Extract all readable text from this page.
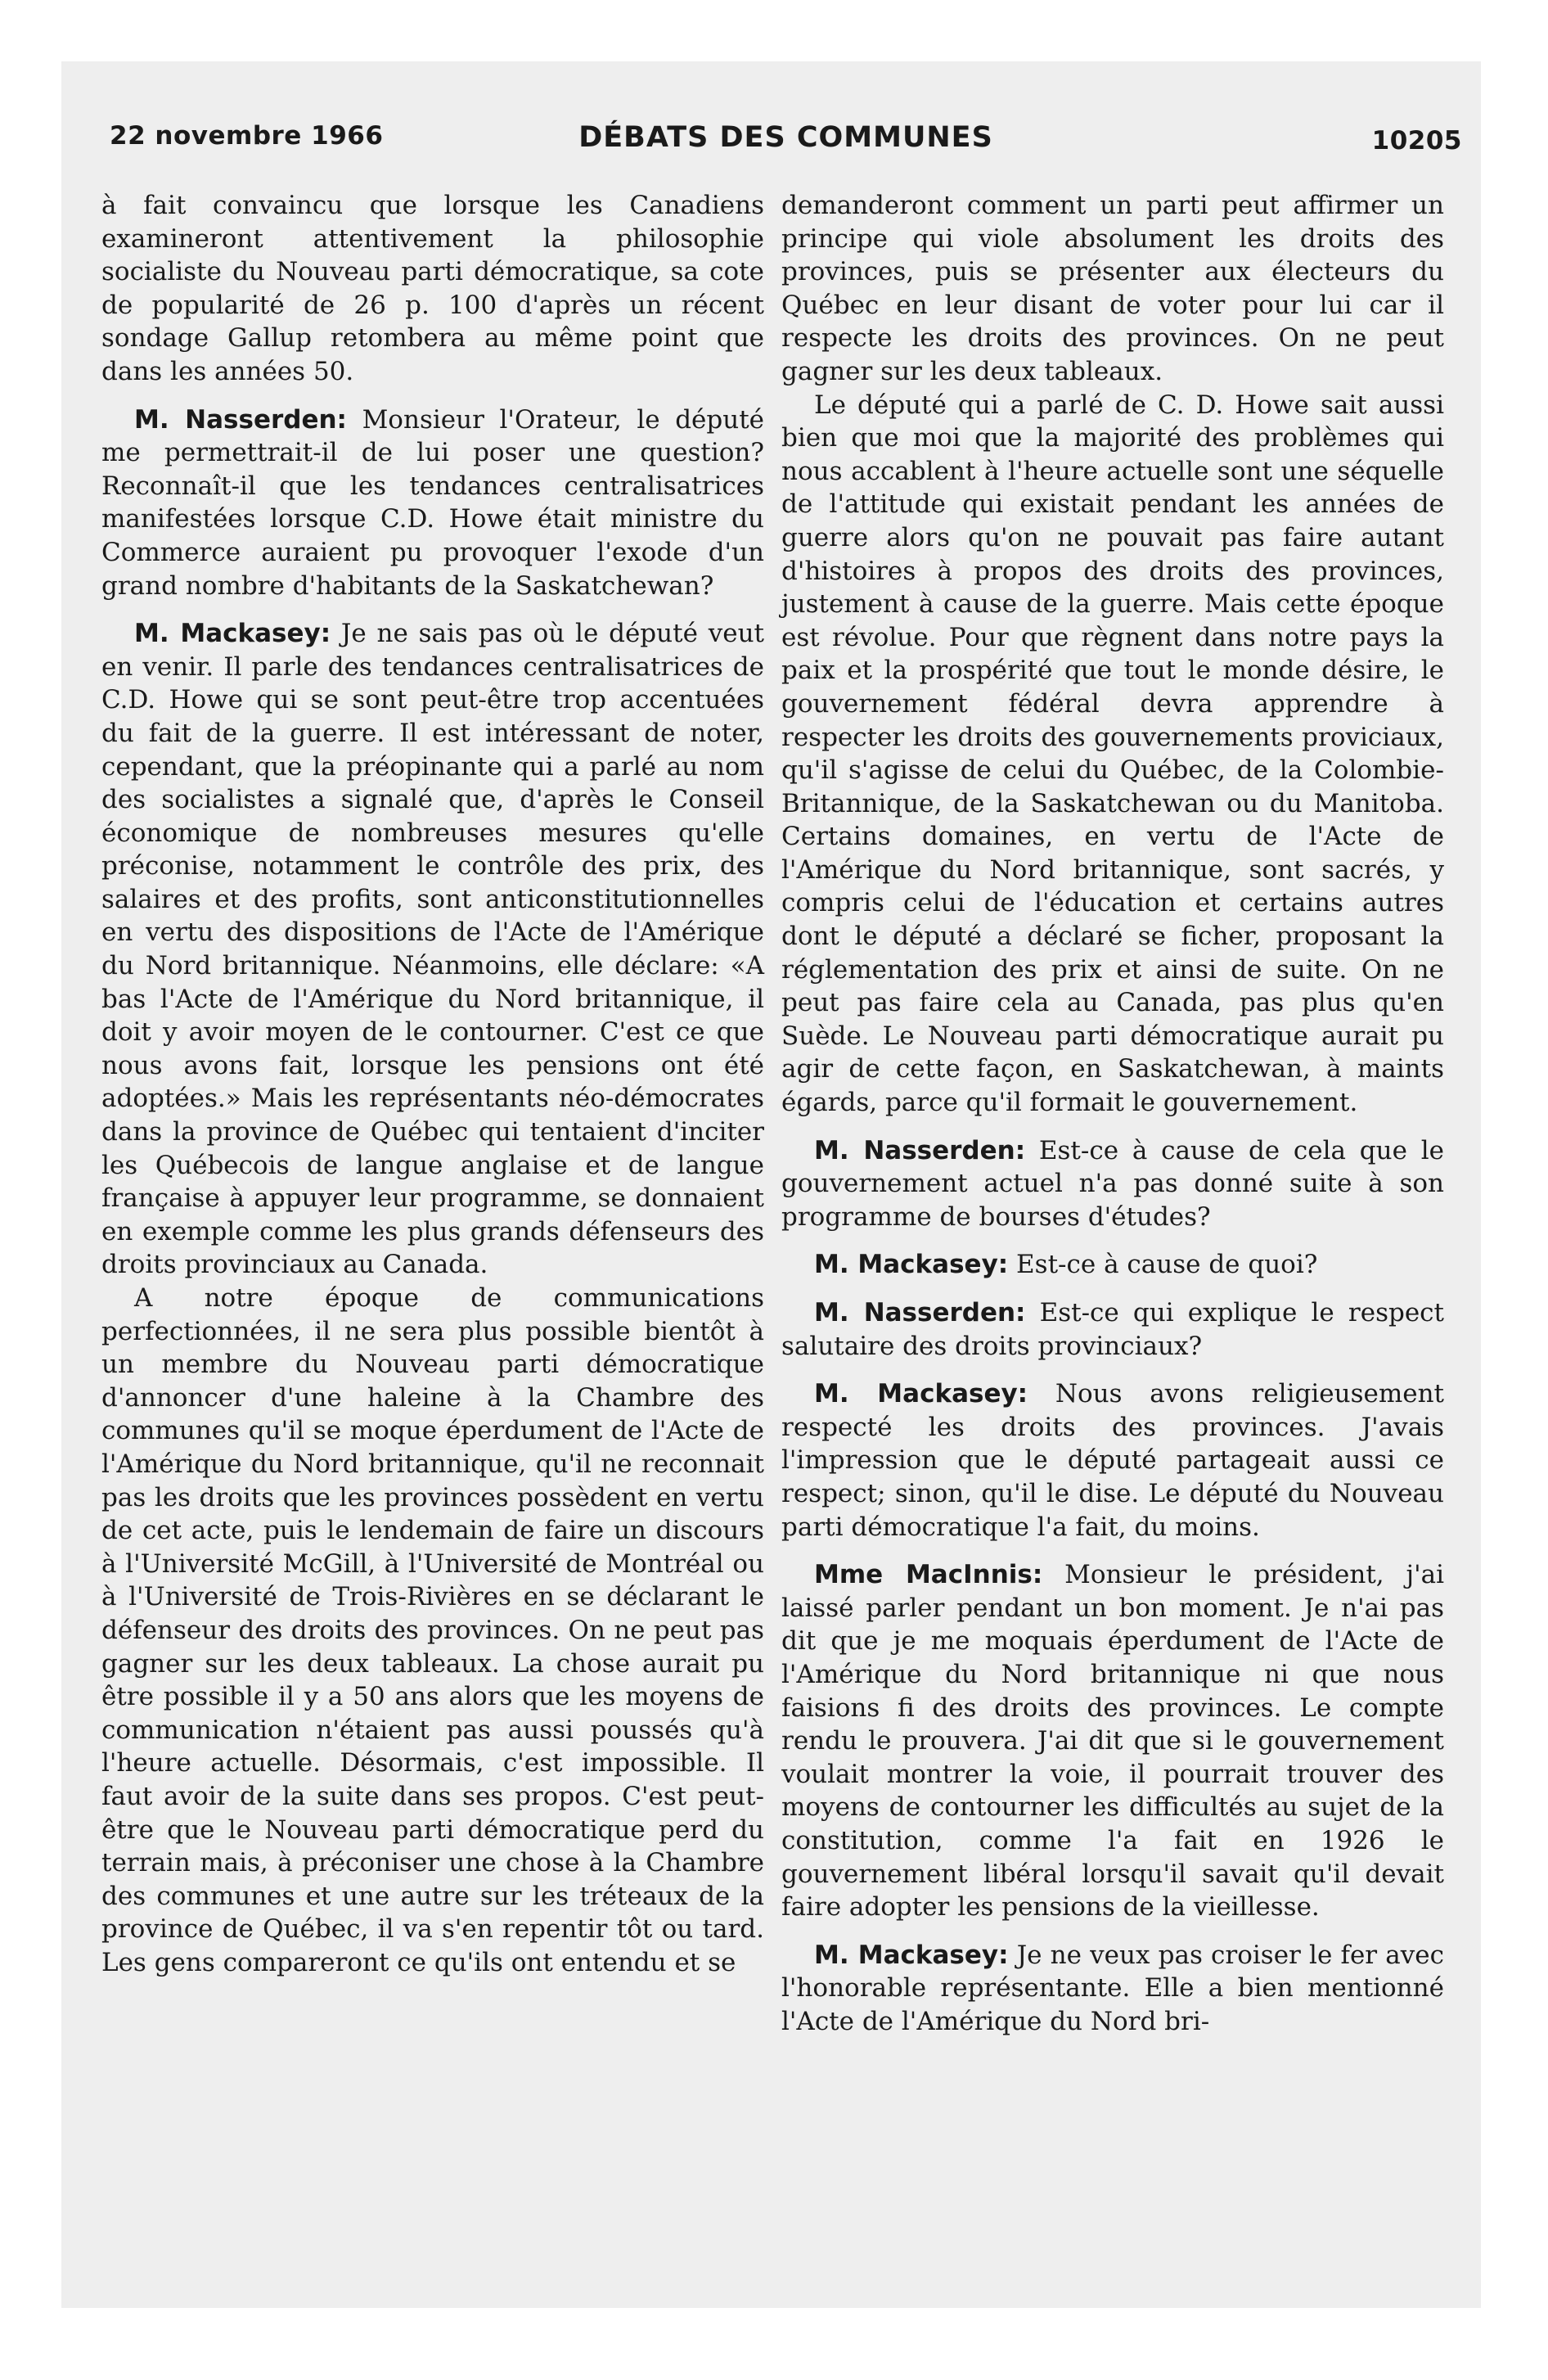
22 novembre 1966	DÉBATS DES COMMUNES	10205

à fait convaincu que lorsque les Canadiens examineront attentivement la philosophie socialiste du Nouveau parti démocratique, sa cote de popularité de 26 p. 100 d'après un récent sondage Gallup retombera au même point que dans les années 50.

M. Nasserden: Monsieur l'Orateur, le député me permettrait-il de lui poser une question? Reconnaît-il que les tendances centralisatrices manifestées lorsque C.D. Howe était ministre du Commerce auraient pu provoquer l'exode d'un grand nombre d'habitants de la Saskatchewan?

M. Mackasey: Je ne sais pas où le député veut en venir. Il parle des tendances centralisatrices de C.D. Howe qui se sont peut-être trop accentuées du fait de la guerre. Il est intéressant de noter, cependant, que la préopinante qui a parlé au nom des socialistes a signalé que, d'après le Conseil économique de nombreuses mesures qu'elle préconise, notamment le contrôle des prix, des salaires et des profits, sont anticonstitutionnelles en vertu des dispositions de l'Acte de l'Amérique du Nord britannique. Néanmoins, elle déclare: «A bas l'Acte de l'Amérique du Nord britannique, il doit y avoir moyen de le contourner. C'est ce que nous avons fait, lorsque les pensions ont été adoptées.» Mais les représentants néo-démocrates dans la province de Québec qui tentaient d'inciter les Québecois de langue anglaise et de langue française à appuyer leur programme, se donnaient en exemple comme les plus grands défenseurs des droits provinciaux au Canada.

A notre époque de communications perfectionnées, il ne sera plus possible bientôt à un membre du Nouveau parti démocratique d'annoncer d'une haleine à la Chambre des communes qu'il se moque éperdument de l'Acte de l'Amérique du Nord britannique, qu'il ne reconnait pas les droits que les provinces possèdent en vertu de cet acte, puis le lendemain de faire un discours à l'Université McGill, à l'Université de Montréal ou à l'Université de Trois-Rivières en se déclarant le défenseur des droits des provinces. On ne peut pas gagner sur les deux tableaux. La chose aurait pu être possible il y a 50 ans alors que les moyens de communication n'étaient pas aussi poussés qu'à l'heure actuelle. Désormais, c'est impossible. Il faut avoir de la suite dans ses propos. C'est peut-être que le Nouveau parti démocratique perd du terrain mais, à préconiser une chose à la Chambre des communes et une autre sur les tréteaux de la province de Québec, il va s'en repentir tôt ou tard. Les gens compareront ce qu'ils ont entendu et se

demanderont comment un parti peut affirmer un principe qui viole absolument les droits des provinces, puis se présenter aux électeurs du Québec en leur disant de voter pour lui car il respecte les droits des provinces. On ne peut gagner sur les deux tableaux.

Le député qui a parlé de C. D. Howe sait aussi bien que moi que la majorité des problèmes qui nous accablent à l'heure actuelle sont une séquelle de l'attitude qui existait pendant les années de guerre alors qu'on ne pouvait pas faire autant d'histoires à propos des droits des provinces, justement à cause de la guerre. Mais cette époque est révolue. Pour que règnent dans notre pays la paix et la prospérité que tout le monde désire, le gouvernement fédéral devra apprendre à respecter les droits des gouvernements proviciaux, qu'il s'agisse de celui du Québec, de la Colombie-Britannique, de la Saskatchewan ou du Manitoba. Certains domaines, en vertu de l'Acte de l'Amérique du Nord britannique, sont sacrés, y compris celui de l'éducation et certains autres dont le député a déclaré se ficher, proposant la réglementation des prix et ainsi de suite. On ne peut pas faire cela au Canada, pas plus qu'en Suède. Le Nouveau parti démocratique aurait pu agir de cette façon, en Saskatchewan, à maints égards, parce qu'il formait le gouvernement.

M. Nasserden: Est-ce à cause de cela que le gouvernement actuel n'a pas donné suite à son programme de bourses d'études?

M. Mackasey: Est-ce à cause de quoi?

M. Nasserden: Est-ce qui explique le respect salutaire des droits provinciaux?

M. Mackasey: Nous avons religieusement respecté les droits des provinces. J'avais l'impression que le député partageait aussi ce respect; sinon, qu'il le dise. Le député du Nouveau parti démocratique l'a fait, du moins.

Mme MacInnis: Monsieur le président, j'ai laissé parler pendant un bon moment. Je n'ai pas dit que je me moquais éperdument de l'Acte de l'Amérique du Nord britannique ni que nous faisions fi des droits des provinces. Le compte rendu le prouvera. J'ai dit que si le gouvernement voulait montrer la voie, il pourrait trouver des moyens de contourner les difficultés au sujet de la constitution, comme l'a fait en 1926 le gouvernement libéral lorsqu'il savait qu'il devait faire adopter les pensions de la vieillesse.

M. Mackasey: Je ne veux pas croiser le fer avec l'honorable représentante. Elle a bien mentionné l'Acte de l'Amérique du Nord bri-
